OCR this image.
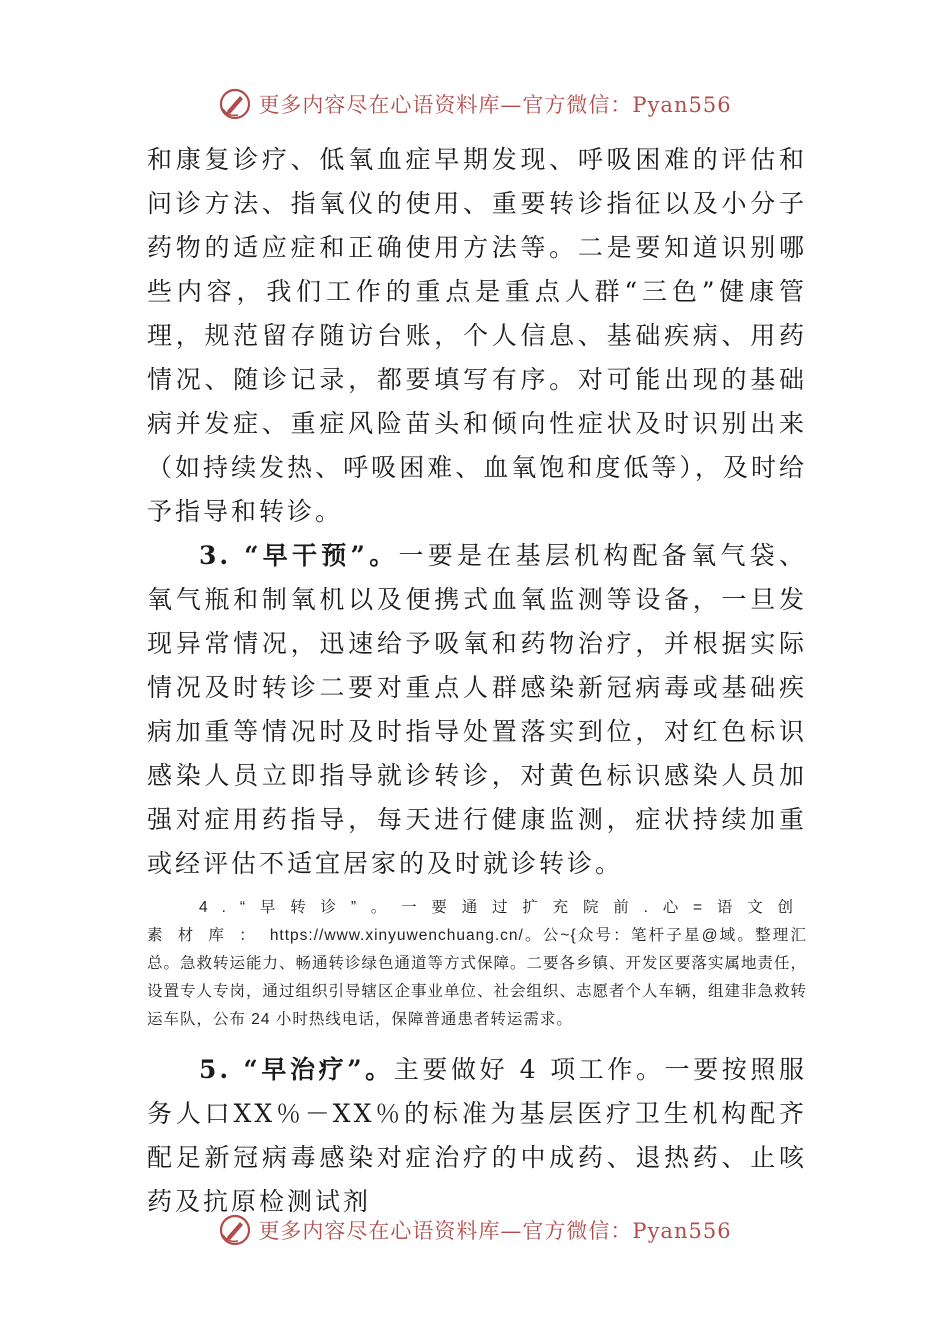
更多内容尽在心语资料库—官方微信：Pyan556

和康复诊疗、低氧血症早期发现、呼吸困难的评估和问诊方法、指氧仪的使用、重要转诊指征以及小分子药物的适应症和正确使用方法等。二是要知道识别哪些内容，我们工作的重点是重点人群“三色”健康管理，规范留存随访台账，个人信息、基础疾病、用药情况、随诊记录，都要填写有序。对可能出现的基础病并发症、重症风险苗头和倾向性症状及时识别出来（如持续发热、呼吸困难、血氧饱和度低等），及时给予指导和转诊。

3. “早干预”。一要是在基层机构配备氧气袋、氧气瓶和制氧机以及便携式血氧监测等设备，一旦发现异常情况，迅速给予吸氧和药物治疗，并根据实际情况及时转诊二要对重点人群感染新冠病毒或基础疾病加重等情况时及时指导处置落实到位，对红色标识感染人员立即指导就诊转诊，对黄色标识感染人员加强对症用药指导，每天进行健康监测，症状持续加重或经评估不适宜居家的及时就诊转诊。

4.“早转诊”。一要通过扩充院前.心=语文创素材库：https://www.xinyuwenchuang.cn/。公~{众号：笔杆子星@域。整理汇总。急救转运能力、畅通转诊绿色通道等方式保障。二要各乡镇、开发区要落实属地责任，设置专人专岗，通过组织引导辖区企事业单位、社会组织、志愿者个人车辆，组建非急救转运车队，公布 24 小时热线电话，保障普通患者转运需求。

5. “早治疗”。主要做好 4 项工作。一要按照服务人口XX％－XX％的标准为基层医疗卫生机构配齐配足新冠病毒感染对症治疗的中成药、退热药、止咳药及抗原检测试剂

更多内容尽在心语资料库—官方微信：Pyan556
